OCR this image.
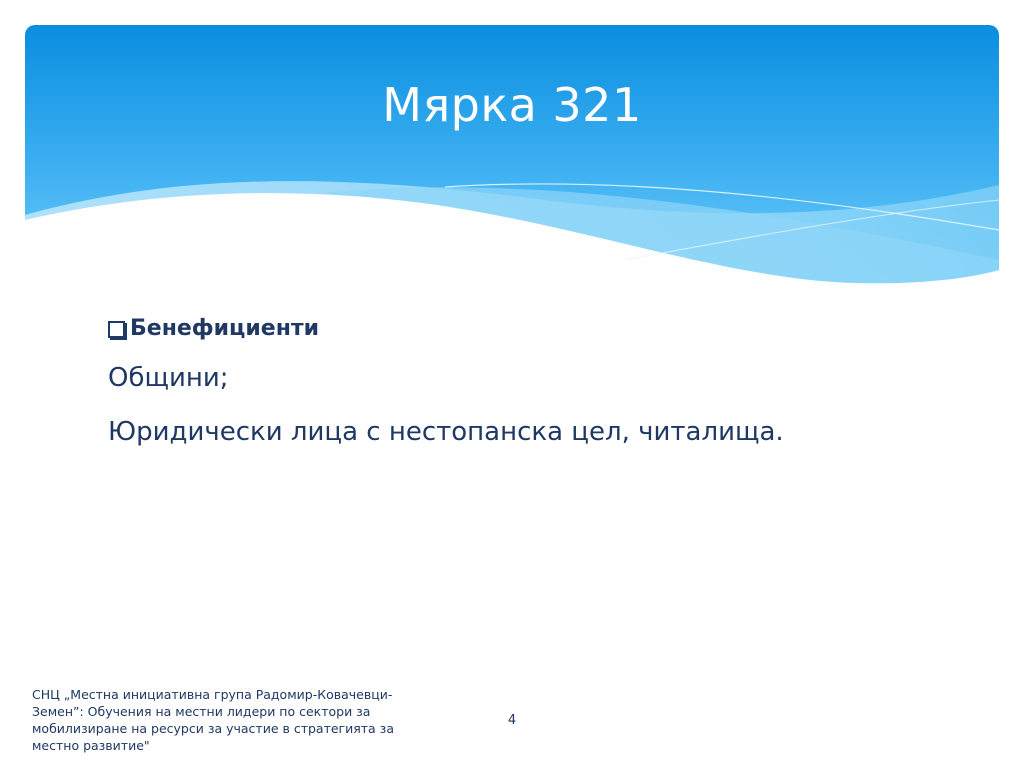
Мярка 321
Бенефициенти
Общини;
Юридически лица с нестопанска цел, читалища.
СНЦ „Местна инициативна група Радомир-Ковачевци-Земен”: Обучения на местни лидери по сектори за мобилизиране на ресурси за участие в стратегията за местно развитие"
4
